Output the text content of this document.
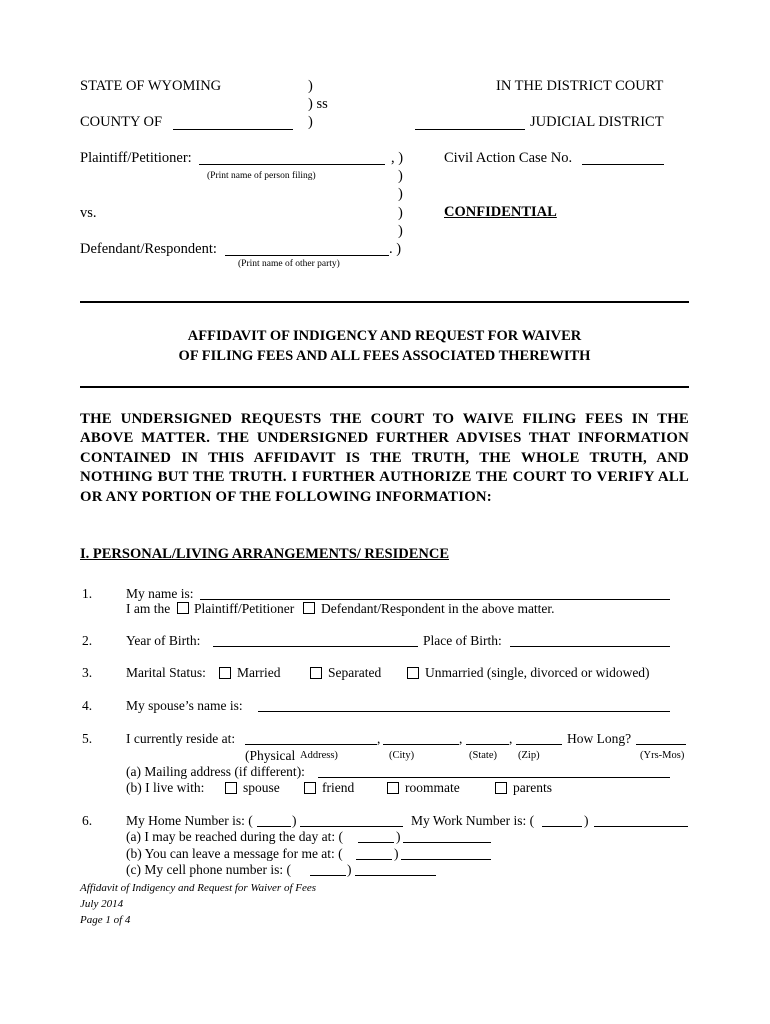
STATE OF WYOMING	)
) ss
)
IN THE DISTRICT COURT
COUNTY OF	JUDICIAL DISTRICT
Plaintiff/Petitioner:	, )
(Print name of person filing)	)
)
vs.	)
)
Defendant/Respondent:	. )
(Print name of other party)
Civil Action Case No.
CONFIDENTIAL
AFFIDAVIT OF INDIGENCY AND REQUEST FOR WAIVER
OF FILING FEES AND ALL FEES ASSOCIATED THEREWITH
THE UNDERSIGNED REQUESTS THE COURT TO WAIVE FILING FEES IN THE ABOVE MATTER. THE UNDERSIGNED FURTHER ADVISES THAT INFORMATION CONTAINED IN THIS AFFIDAVIT IS THE TRUTH, THE WHOLE TRUTH, AND NOTHING BUT THE TRUTH. I FURTHER AUTHORIZE THE COURT TO VERIFY ALL OR ANY PORTION OF THE FOLLOWING INFORMATION:
I. PERSONAL/LIVING ARRANGEMENTS/ RESIDENCE
1.	My name is:
I am the Plaintiff/Petitioner Defendant/Respondent in the above matter.
2.	Year of Birth:	Place of Birth:
3.	Marital Status: Married	Separated	Unmarried (single, divorced or widowed)
4.	My spouse’s name is:
5.	I currently reside at:	,	,	,	How Long?
(Physical Address)	(City)	(State) (Zip)	(Yrs-Mos)
(a) Mailing address (if different):
(b) I live with:	spouse	friend	roommate	parents
6.	My Home Number is: (	)	My Work Number is: (	)
(a) I may be reached during the day at: (	)
(b) You can leave a message for me at: (	)
(c) My cell phone number is: (	)
Affidavit of Indigency and Request for Waiver of Fees
July 2014
Page 1 of 4
